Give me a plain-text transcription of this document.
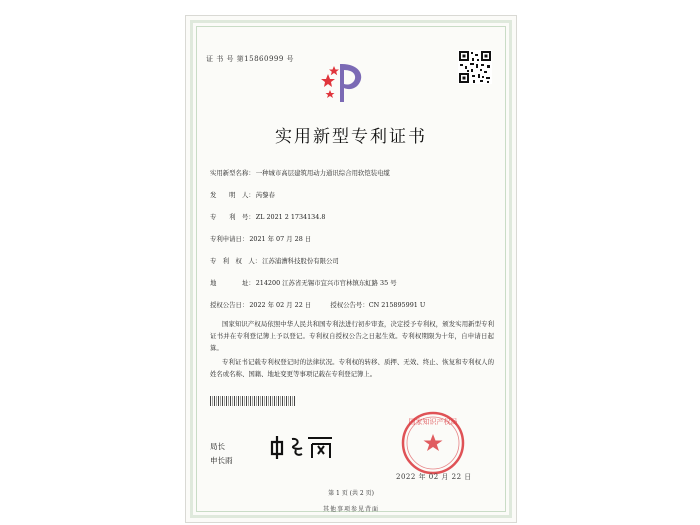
证 书 号 第15860999 号
实用新型专利证书
实用新型名称：一种城市高层建筑用动力通讯综合用软铠装电缆
发　　明　人：芮黎春
专　　利　号：ZL 2021 2 1734134.8
专利申请日：2021 年 07 月 28 日
专　利　权　人：江苏浦漕科技股份有限公司
地　　　　址：214200 江苏省无锡市宜兴市官林镇东虹路 35 号
授权公告日：2022 年 02 月 22 日　　　授权公告号：CN 215895991 U
国家知识产权局依照中华人民共和国专利法进行初步审查，决定授予专利权，颁发实用新型专利证书并在专利登记簿上予以登记。专利权自授权公告之日起生效。专利权期限为十年，自申请日起算。
专利证书记载专利权登记时的法律状况。专利权的转移、质押、无效、终止、恢复和专利权人的姓名或名称、国籍、地址变更等事项记载在专利登记簿上。
局长
申长雨
国家知识产权局
2022 年 02 月 22 日
第 1 页 (共 2 页)
其他事项参见背面
